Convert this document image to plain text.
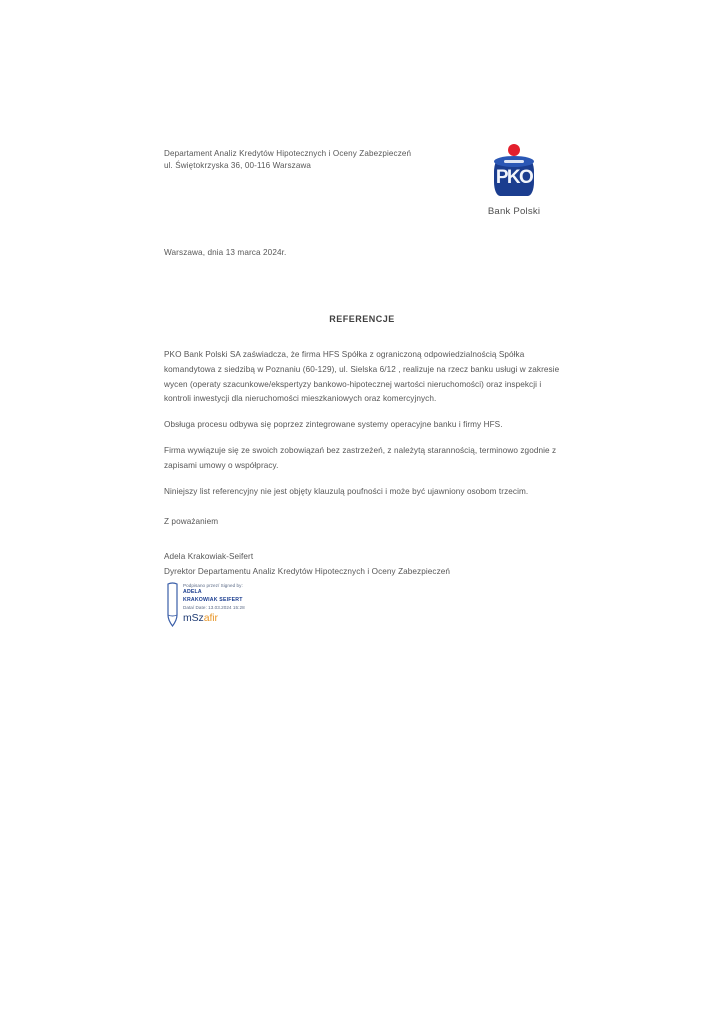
Departament Analiz Kredytów Hipotecznych i Oceny Zabezpieczeń
ul. Świętokrzyska 36, 00-116 Warszawa
PKO
Bank Polski
Warszawa, dnia 13 marca 2024r.
REFERENCJE

PKO Bank Polski SA zaświadcza, że firma HFS Spółka z ograniczoną odpowiedzialnością Spółka komandytowa z siedzibą w Poznaniu (60-129), ul. Sielska 6/12 , realizuje na rzecz banku usługi w zakresie wycen (operaty szacunkowe/ekspertyzy bankowo-hipotecznej wartości nieruchomości) oraz inspekcji i kontroli inwestycji dla nieruchomości mieszkaniowych oraz komercyjnych.

Obsługa procesu odbywa się poprzez zintegrowane systemy operacyjne banku i firmy HFS.

Firma wywiązuje się ze swoich zobowiązań bez zastrzeżeń, z należytą starannością, terminowo zgodnie z zapisami umowy o współpracy.

Niniejszy list referencyjny nie jest objęty klauzulą poufności i może być ujawniony osobom trzecim.

Z poważaniem
Adela Krakowiak-Seifert
Dyrektor Departamentu Analiz Kredytów Hipotecznych i Oceny Zabezpieczeń
Podpisano przez/ Signed by:
ADELA
KRAKOWIAK SEIFERT
Data/ Date: 13.03.2024 15:28
mSzafir
